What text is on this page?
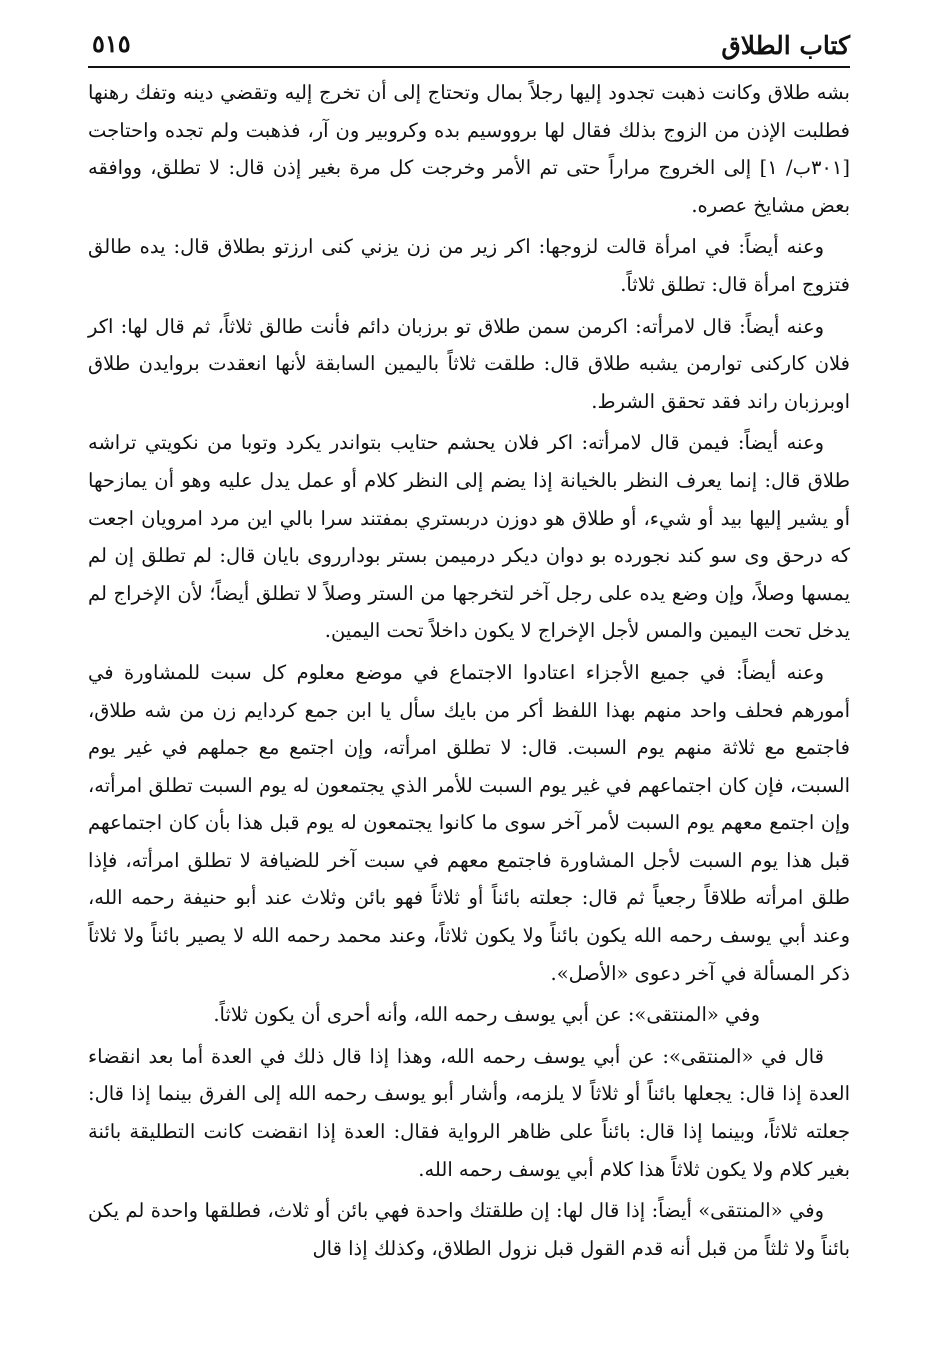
كتاب الطلاق
٥١٥

بشه طلاق وكانت ذهبت تجدود إليها رجلاً بمال وتحتاج إلى أن تخرج إليه وتقضي دينه وتفك رهنها فطلبت الإذن من الزوج بذلك فقال لها برووسيم بده وكروبير ون آر، فذهبت ولم تجده واحتاجت [٣٠١ب/ ١] إلى الخروج مراراً حتى تم الأمر وخرجت كل مرة بغير إذن قال: لا تطلق، ووافقه بعض مشايخ عصره.

وعنه أيضاً: في امرأة قالت لزوجها: اكر زير من زن يزني كنى ارزتو بطلاق قال: يده طالق فتزوج امرأة قال: تطلق ثلاثاً.

وعنه أيضاً: قال لامرأته: اكرمن سمن طلاق تو برزبان دائم فأنت طالق ثلاثاً، ثم قال لها: اكر فلان كاركنى توارمن يشبه طلاق قال: طلقت ثلاثاً باليمين السابقة لأنها انعقدت بروايدن طلاق اوبرزبان راند فقد تحقق الشرط.

وعنه أيضاً: فيمن قال لامرأته: اكر فلان يحشم حتايب بتواندر يكرد وتوبا من نكويتي تراشه طلاق قال: إنما يعرف النظر بالخيانة إذا يضم إلى النظر كلام أو عمل يدل عليه وهو أن يمازحها أو يشير إليها بيد أو شيء، أو طلاق هو دوزن دربستري بمفتند سرا بالي اين مرد امرويان اجعت كه درحق وى سو كند نجورده بو دوان ديكر درميمن بستر بودارروى بايان قال: لم تطلق إن لم يمسها وصلاً، وإن وضع يده على رجل آخر لتخرجها من الستر وصلاً لا تطلق أيضاً؛ لأن الإخراج لم يدخل تحت اليمين والمس لأجل الإخراج لا يكون داخلاً تحت اليمين.

وعنه أيضاً: في جميع الأجزاء اعتادوا الاجتماع في موضع معلوم كل سبت للمشاورة في أمورهم فحلف واحد منهم بهذا اللفظ أكر من بايك سأل يا ابن جمع كردايم زن من شه طلاق، فاجتمع مع ثلاثة منهم يوم السبت. قال: لا تطلق امرأته، وإن اجتمع مع جملهم في غير يوم السبت، فإن كان اجتماعهم في غير يوم السبت للأمر الذي يجتمعون له يوم السبت تطلق امرأته، وإن اجتمع معهم يوم السبت لأمر آخر سوى ما كانوا يجتمعون له يوم قبل هذا بأن كان اجتماعهم قبل هذا يوم السبت لأجل المشاورة فاجتمع معهم في سبت آخر للضيافة لا تطلق امرأته، فإذا طلق امرأته طلاقاً رجعياً ثم قال: جعلته بائناً أو ثلاثاً فهو بائن وثلاث عند أبو حنيفة رحمه الله، وعند أبي يوسف رحمه الله يكون بائناً ولا يكون ثلاثاً، وعند محمد رحمه الله لا يصير بائناً ولا ثلاثاً ذكر المسألة في آخر دعوى «الأصل».

وفي «المنتقى»: عن أبي يوسف رحمه الله، وأنه أحرى أن يكون ثلاثاً.

قال في «المنتقى»: عن أبي يوسف رحمه الله، وهذا إذا قال ذلك في العدة أما بعد انقضاء العدة إذا قال: يجعلها بائناً أو ثلاثاً لا يلزمه، وأشار أبو يوسف رحمه الله إلى الفرق بينما إذا قال: جعلته ثلاثاً، وبينما إذا قال: بائناً على ظاهر الرواية فقال: العدة إذا انقضت كانت التطليقة بائنة بغير كلام ولا يكون ثلاثاً هذا كلام أبي يوسف رحمه الله.

وفي «المنتقى» أيضاً: إذا قال لها: إن طلقتك واحدة فهي بائن أو ثلاث، فطلقها واحدة لم يكن بائناً ولا ثلثاً من قبل أنه قدم القول قبل نزول الطلاق، وكذلك إذا قال
